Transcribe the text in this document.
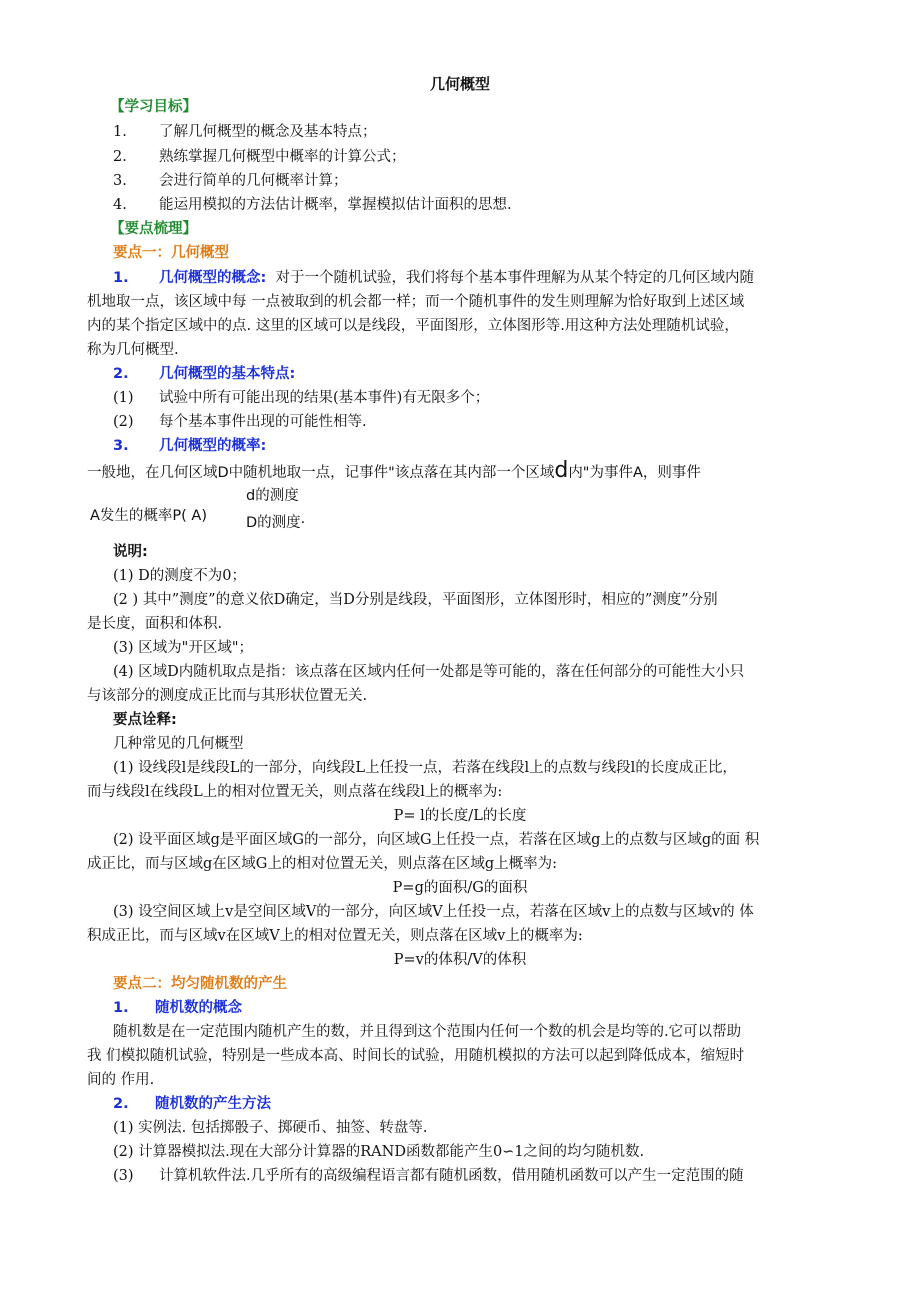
几何概型
【学习目标】
1. 了解几何概型的概念及基本特点；
2. 熟练掌握几何概型中概率的计算公式；
3. 会进行简单的几何概率计算；
4. 能运用模拟的方法估计概率，掌握模拟估计面积的思想.
【要点梳理】
要点一：几何概型
1. 几何概型的概念: 对于一个随机试验，我们将每个基本事件理解为从某个特定的几何区域内随
机地取一点，该区域中每 一点被取到的机会都一样；而一个随机事件的发生则理解为恰好取到上述区域
内的某个指定区域中的点. 这里的区域可以是线段，平面图形，立体图形等.用这种方法处理随机试验，
称为几何概型.
2. 几何概型的基本特点:
(1) 试验中所有可能出现的结果(基本事件)有无限多个；
(2) 每个基本事件出现的可能性相等.
3. 几何概型的概率:
一般地，在几何区域D中随机地取一点，记事件"该点落在其内部一个区域d内"为事件A，则事件
A发生的概率P( A)
d的测度
D的测度·
说明:
(1) D的测度不为0；
(2 ) 其中”测度”的意义依D确定，当D分别是线段，平面图形，立体图形时，相应的”测度”分别
是长度，面积和体积.
(3) 区域为"开区域"；
(4) 区域D内随机取点是指：该点落在区域内任何一处都是等可能的，落在任何部分的可能性大小只
与该部分的测度成正比而与其形状位置无关.
要点诠释:
几种常见的几何概型
(1) 设线段l是线段L的一部分，向线段L上任投一点，若落在线段l上的点数与线段l的长度成正比，
而与线段l在线段L上的相对位置无关，则点落在线段l上的概率为:
P= l的长度/L的长度
(2) 设平面区域g是平面区域G的一部分，向区域G上任投一点，若落在区域g上的点数与区域g的面 积
成正比，而与区域g在区域G上的相对位置无关，则点落在区域g上概率为:
P=g的面积/G的面积
(3) 设空间区域上v是空间区域V的一部分，向区域V上任投一点，若落在区域v上的点数与区域v的 体
积成正比，而与区域v在区域V上的相对位置无关，则点落在区域v上的概率为:
P=v的体积/V的体积
要点二：均匀随机数的产生
1. 随机数的概念
随机数是在一定范围内随机产生的数，并且得到这个范围内任何一个数的机会是均等的.它可以帮助
我 们模拟随机试验，特别是一些成本高、时间长的试验，用随机模拟的方法可以起到降低成本，缩短时
间的 作用.
2. 随机数的产生方法
(1) 实例法. 包括掷骰子、掷硬币、抽签、转盘等.
(2) 计算器模拟法.现在大部分计算器的RAND函数都能产生0∽1之间的均匀随机数.
(3) 计算机软件法.几乎所有的高级编程语言都有随机函数，借用随机函数可以产生一定范围的随
